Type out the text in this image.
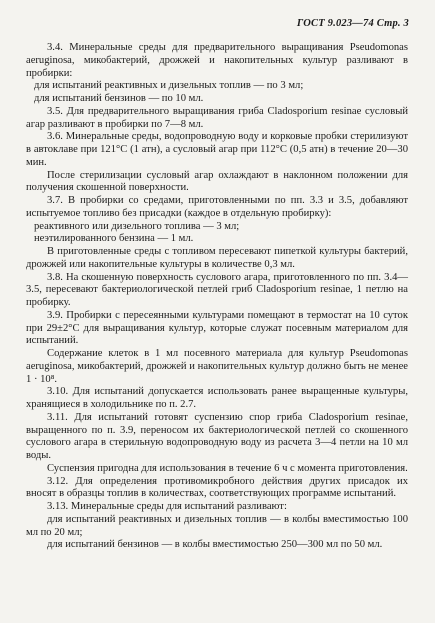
ГОСТ 9.023—74 Стр. 3

3.4. Минеральные среды для предварительного выращивания Pseudomonas aeruginosa, микобактерий, дрожжей и накопительных культур разливают в пробирки:

для испытаний реактивных и дизельных топлив — по 3 мл;

для испытаний бензинов — по 10 мл.

3.5. Для предварительного выращивания гриба Cladosporium resinae сусловый агар разливают в пробирки по 7—8 мл.

3.6. Минеральные среды, водопроводную воду и корковые пробки стерилизуют в автоклаве при 121°С (1 атн), а сусловый агар при 112°С (0,5 атн) в течение 20—30 мин.

После стерилизации сусловый агар охлаждают в наклонном положении для получения скошенной поверхности.

3.7. В пробирки со средами, приготовленными по пп. 3.3 и 3.5, добавляют испытуемое топливо без присадки (каждое в отдельную пробирку):

реактивного или дизельного топлива — 3 мл;

неэтилированного бензина — 1 мл.

В приготовленные среды с топливом пересевают пипеткой культуры бактерий, дрожжей или накопительные культуры в количестве 0,3 мл.

3.8. На скошенную поверхность суслового агара, приготовленного по пп. 3.4—3.5, пересевают бактериологической петлей гриб Cladosporium resinae, 1 петлю на пробирку.

3.9. Пробирки с пересеянными культурами помещают в термостат на 10 суток при 29±2°С для выращивания культур, которые служат посевным материалом для испытаний.

Содержание клеток в 1 мл посевного материала для культур Pseudomonas aeruginosa, микобактерий, дрожжей и накопительных культур должно быть не менее 1 · 10⁸.

3.10. Для испытаний допускается использовать ранее выращенные культуры, хранящиеся в холодильнике по п. 2.7.

3.11. Для испытаний готовят суспензию спор гриба Cladosporium resinae, выращенного по п. 3.9, переносом их бактериологической петлей со скошенного суслового агара в стерильную водопроводную воду из расчета 3—4 петли на 10 мл воды.

Суспензия пригодна для использования в течение 6 ч с момента приготовления.

3.12. Для определения противомикробного действия других присадок их вносят в образцы топлив в количествах, соответствующих программе испытаний.

3.13. Минеральные среды для испытаний разливают:

для испытаний реактивных и дизельных топлив — в колбы вместимостью 100 мл по 20 мл;

для испытаний бензинов — в колбы вместимостью 250—300 мл по 50 мл.
